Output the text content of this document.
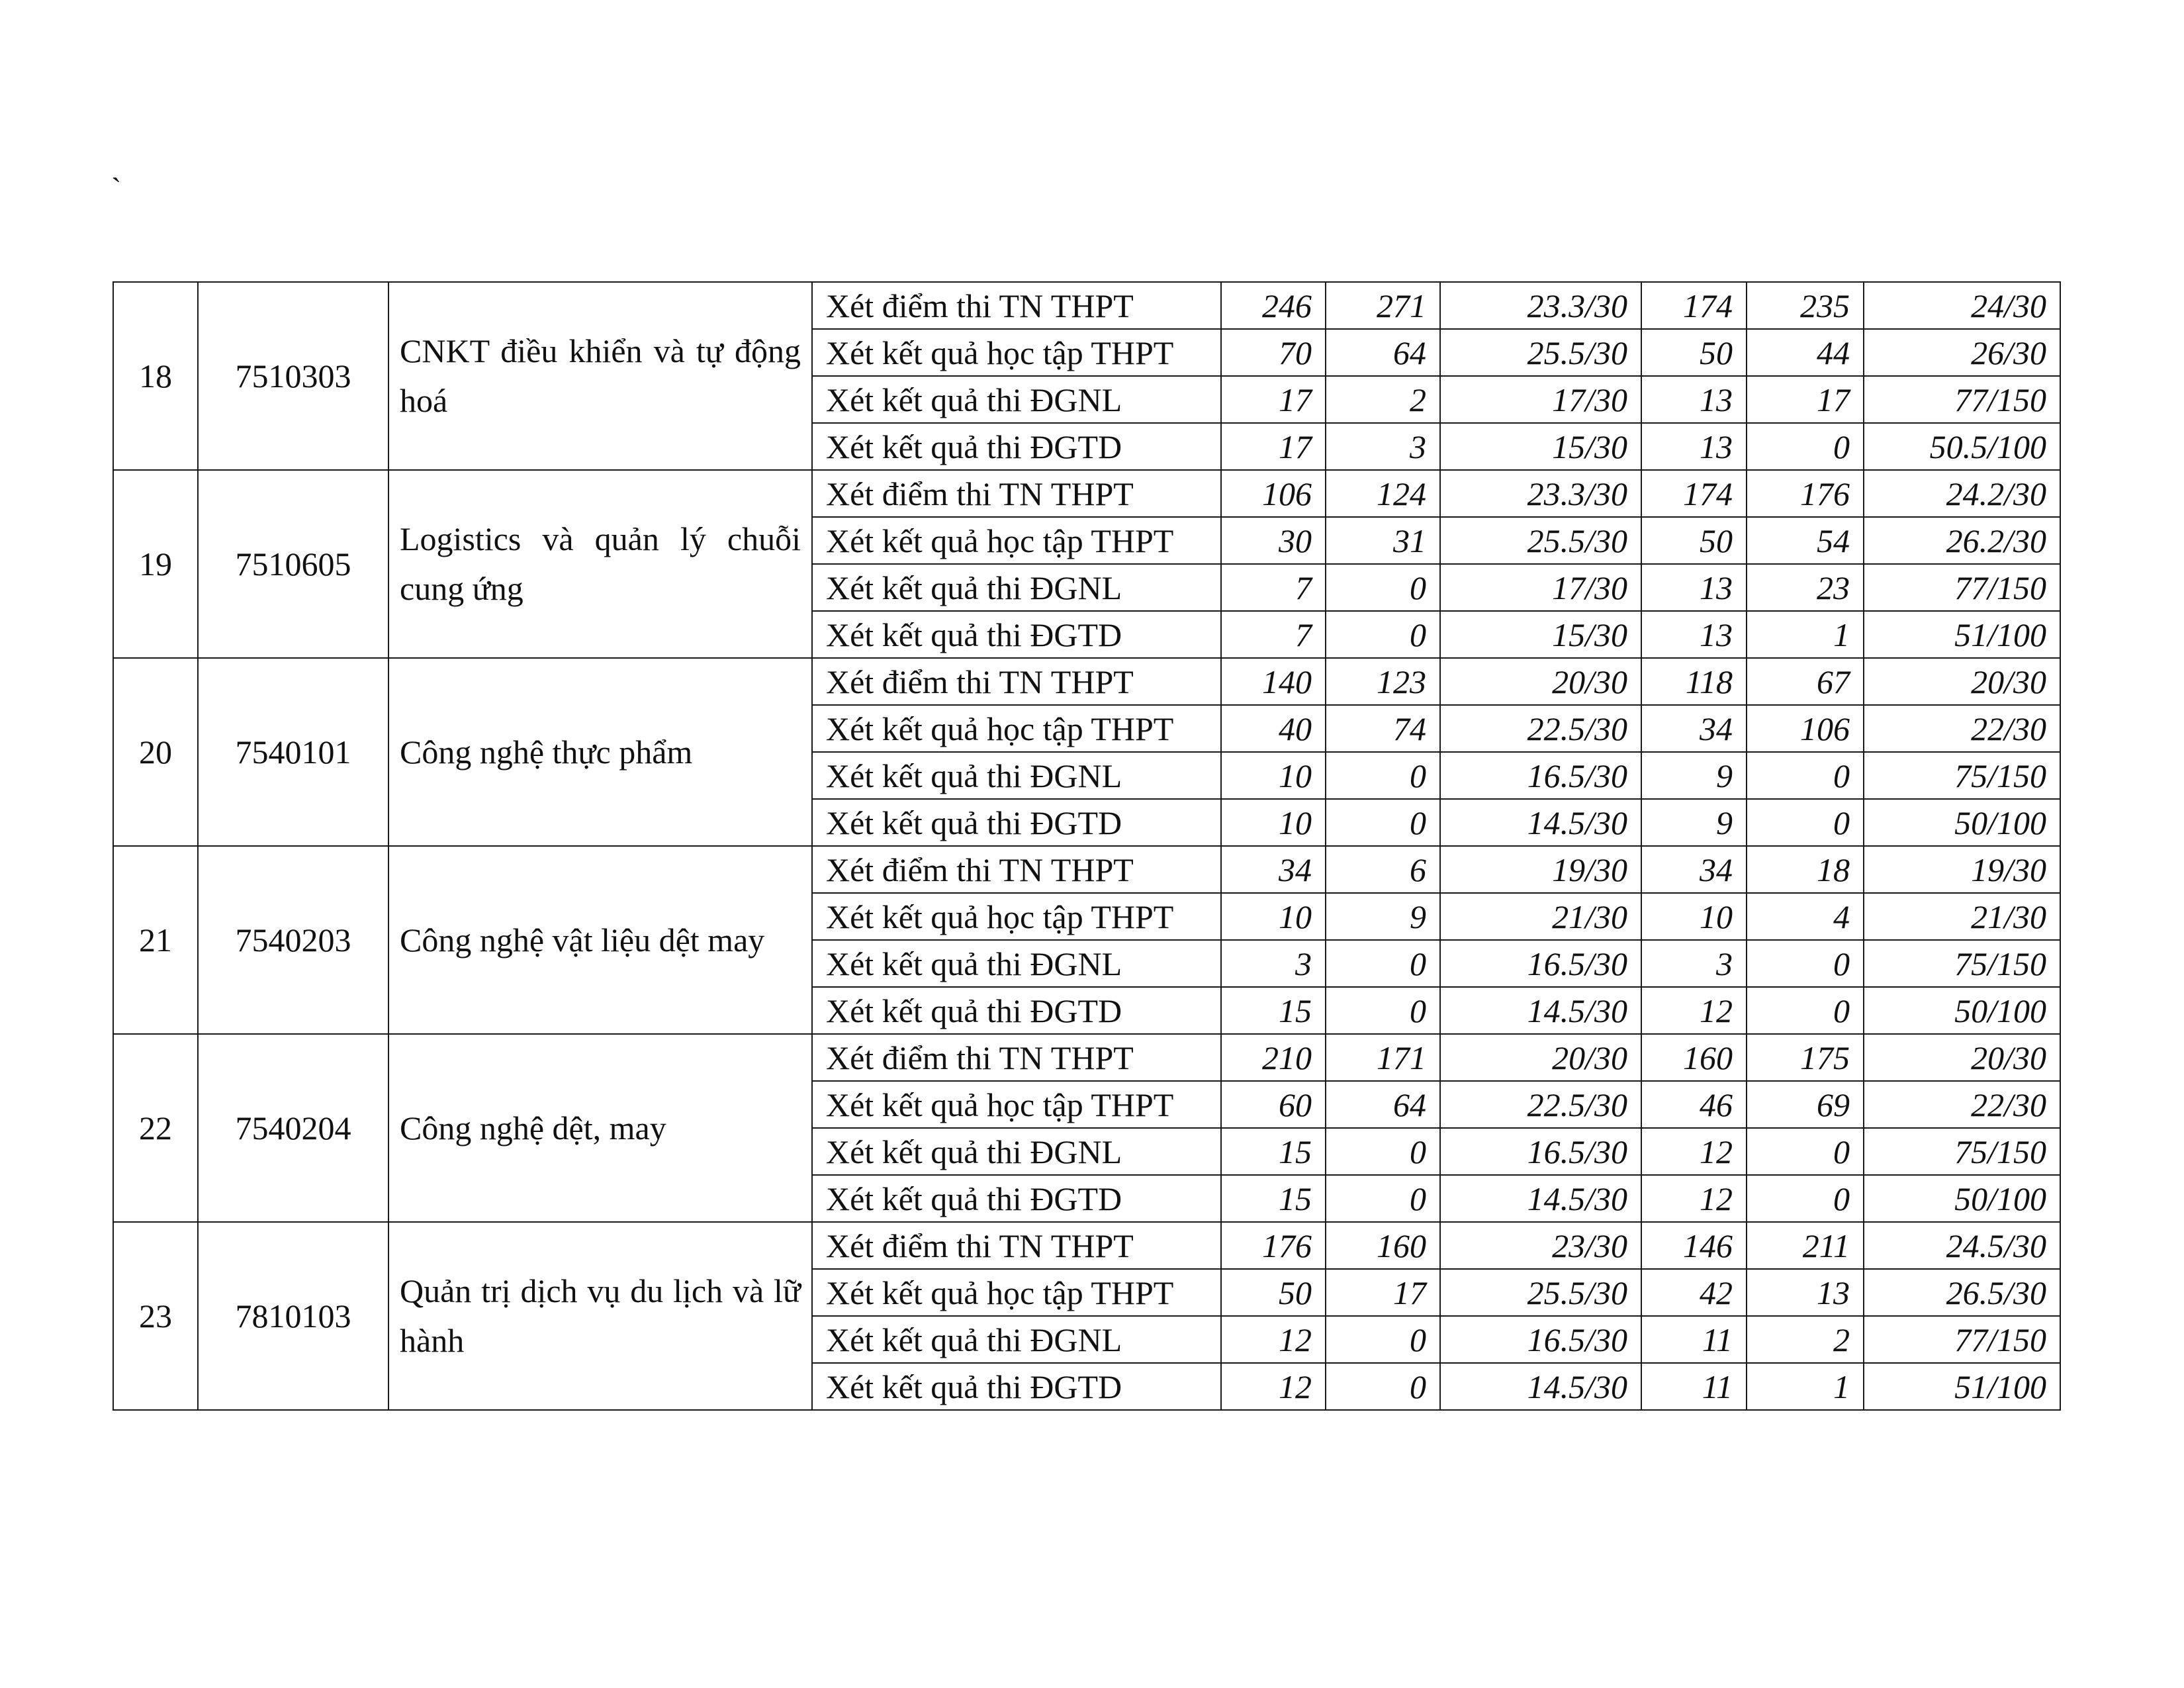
`
18	7510303	CNKT điều khiển và tự động hoá	Xét điểm thi TN THPT	246	271	23.3/30	174	235	24/30
			Xét kết quả học tập THPT	70	64	25.5/30	50	44	26/30
			Xét kết quả thi ĐGNL	17	2	17/30	13	17	77/150
			Xét kết quả thi ĐGTD	17	3	15/30	13	0	50.5/100
19	7510605	Logistics và quản lý chuỗi cung ứng	Xét điểm thi TN THPT	106	124	23.3/30	174	176	24.2/30
			Xét kết quả học tập THPT	30	31	25.5/30	50	54	26.2/30
			Xét kết quả thi ĐGNL	7	0	17/30	13	23	77/150
			Xét kết quả thi ĐGTD	7	0	15/30	13	1	51/100
20	7540101	Công nghệ thực phẩm	Xét điểm thi TN THPT	140	123	20/30	118	67	20/30
			Xét kết quả học tập THPT	40	74	22.5/30	34	106	22/30
			Xét kết quả thi ĐGNL	10	0	16.5/30	9	0	75/150
			Xét kết quả thi ĐGTD	10	0	14.5/30	9	0	50/100
21	7540203	Công nghệ vật liệu dệt may	Xét điểm thi TN THPT	34	6	19/30	34	18	19/30
			Xét kết quả học tập THPT	10	9	21/30	10	4	21/30
			Xét kết quả thi ĐGNL	3	0	16.5/30	3	0	75/150
			Xét kết quả thi ĐGTD	15	0	14.5/30	12	0	50/100
22	7540204	Công nghệ dệt, may	Xét điểm thi TN THPT	210	171	20/30	160	175	20/30
			Xét kết quả học tập THPT	60	64	22.5/30	46	69	22/30
			Xét kết quả thi ĐGNL	15	0	16.5/30	12	0	75/150
			Xét kết quả thi ĐGTD	15	0	14.5/30	12	0	50/100
23	7810103	Quản trị dịch vụ du lịch và lữ hành	Xét điểm thi TN THPT	176	160	23/30	146	211	24.5/30
			Xét kết quả học tập THPT	50	17	25.5/30	42	13	26.5/30
			Xét kết quả thi ĐGNL	12	0	16.5/30	11	2	77/150
			Xét kết quả thi ĐGTD	12	0	14.5/30	11	1	51/100
